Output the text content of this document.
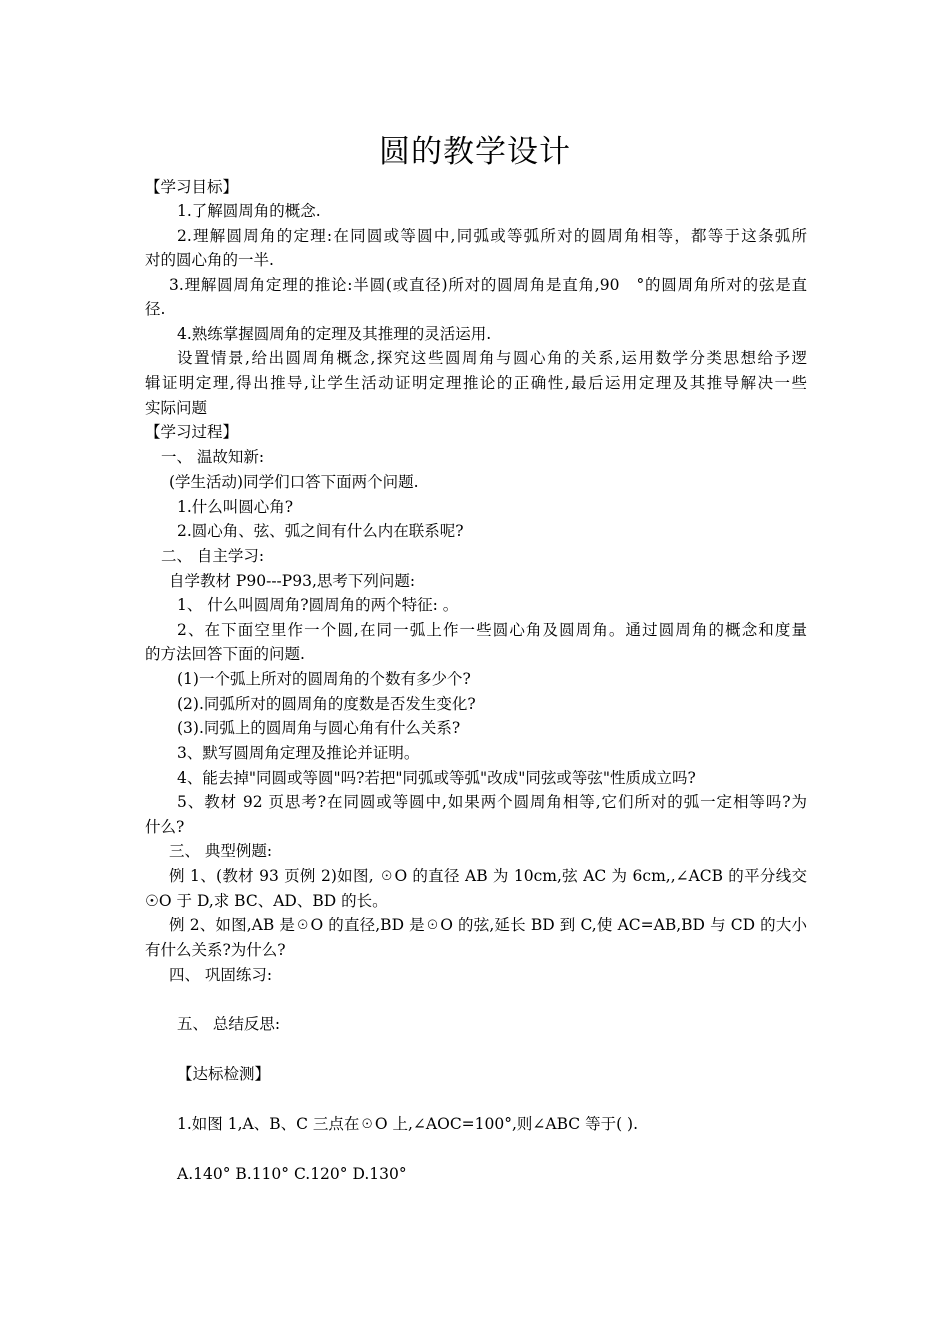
圆的教学设计
【学习目标】
1.了解圆周角的概念.
2.理解圆周角的定理:在同圆或等圆中,同弧或等弧所对的圆周角相等，都等于这条弧所
对的圆心角的一半.
3.理解圆周角定理的推论:半圆(或直径)所对的圆周角是直角,90　°的圆周角所对的弦是直
径.
4.熟练掌握圆周角的定理及其推理的灵活运用.
设置情景,给出圆周角概念,探究这些圆周角与圆心角的关系,运用数学分类思想给予逻
辑证明定理,得出推导,让学生活动证明定理推论的正确性,最后运用定理及其推导解决一些
实际问题
【学习过程】
一、 温故知新:
(学生活动)同学们口答下面两个问题.
1.什么叫圆心角?
2.圆心角、弦、弧之间有什么内在联系呢?
二、 自主学习:
自学教材 P90---P93,思考下列问题:
1、 什么叫圆周角?圆周角的两个特征: 。
2、在下面空里作一个圆,在同一弧上作一些圆心角及圆周角。通过圆周角的概念和度量
的方法回答下面的问题.
(1)一个弧上所对的圆周角的个数有多少个?
(2).同弧所对的圆周角的度数是否发生变化?
(3).同弧上的圆周角与圆心角有什么关系?
3、默写圆周角定理及推论并证明。
4、能去掉"同圆或等圆"吗?若把"同弧或等弧"改成"同弦或等弦"性质成立吗?
5、教材 92 页思考?在同圆或等圆中,如果两个圆周角相等,它们所对的弧一定相等吗?为
什么?
三、 典型例题:
例 1、(教材 93 页例 2)如图, ☉O 的直径 AB 为 10cm,弦 AC 为 6cm,,∠ACB 的平分线交
☉O 于 D,求 BC、AD、BD 的长。
例 2、如图,AB 是☉O 的直径,BD 是☉O 的弦,延长 BD 到 C,使 AC=AB,BD 与 CD 的大小
有什么关系?为什么?
四、 巩固练习:
五、 总结反思:
【达标检测】
1.如图 1,A、B、C 三点在☉O 上,∠AOC=100°,则∠ABC 等于( ).
A.140° B.110° C.120° D.130°
